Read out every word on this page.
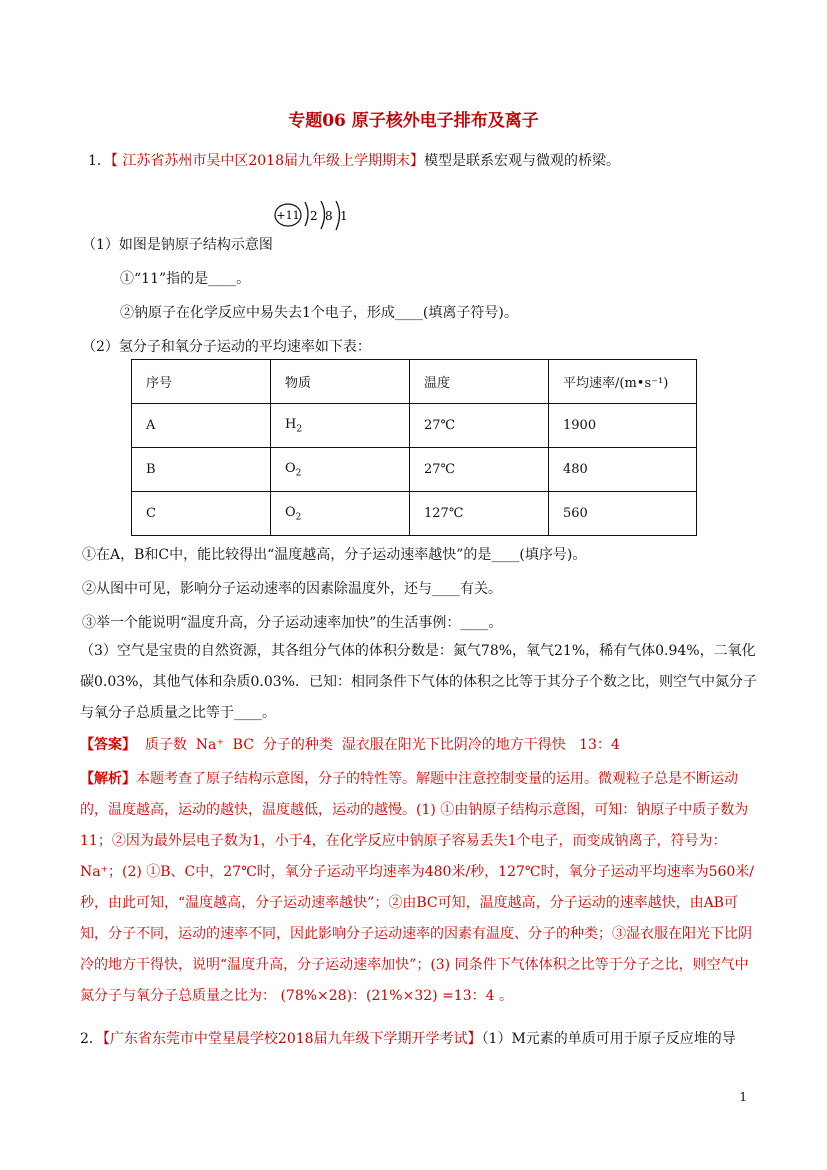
专题06 原子核外电子排布及离子
1．【 江苏省苏州市吴中区2018届九年级上学期期末】模型是联系宏观与微观的桥梁。
+11 2 8 1
（1）如图是钠原子结构示意图
①“11”指的是____。
②钠原子在化学反应中易失去1个电子，形成____(填离子符号)。
（2）氢分子和氧分子运动的平均速率如下表：
序号	物质	温度	平均速率/(m•s⁻¹)
A	$H_2$	27℃	1900
B	$O_2$	27℃	480
C	$O_2$	127℃	560
①在A，B和C中，能比较得出“温度越高，分子运动速率越快”的是____(填序号)。
②从图中可见，影响分子运动速率的因素除温度外，还与____有关。
③举一个能说明“温度升高，分子运动速率加快”的生活事例：____。
（3）空气是宝贵的自然资源，其各组分气体的体积分数是：氮气78%，氧气21%，稀有气体0.94%，二氧化碳0.03%，其他气体和杂质0.03%．已知：相同条件下气体的体积之比等于其分子个数之比，则空气中氮分子与氧分子总质量之比等于____。
【答案】  质子数  Na⁺  BC  分子的种类  湿衣服在阳光下比阴冷的地方干得快   13：4
【解析】本题考查了原子结构示意图，分子的特性等。解题中注意控制变量的运用。微观粒子总是不断运动的，温度越高，运动的越快，温度越低，运动的越慢。(1) ①由钠原子结构示意图，可知：钠原子中质子数为11；②因为最外层电子数为1，小于4，在化学反应中钠原子容易丢失1个电子，而变成钠离子，符号为：Na⁺；(2) ①B、C中，27℃时，氧分子运动平均速率为480米/秒，127℃时，氧分子运动平均速率为560米/秒，由此可知，“温度越高，分子运动速率越快”；②由BC可知，温度越高，分子运动的速率越快，由AB可知，分子不同，运动的速率不同，因此影响分子运动速率的因素有温度、分子的种类；③湿衣服在阳光下比阴冷的地方干得快，说明“温度升高，分子运动速率加快”；(3) 同条件下气体体积之比等于分子之比，则空气中氮分子与氧分子总质量之比为： (78%×28)：(21%×32) =13：4 。
2．【广东省东莞市中堂星晨学校2018届九年级下学期开学考试】（1）M元素的单质可用于原子反应堆的导
1
